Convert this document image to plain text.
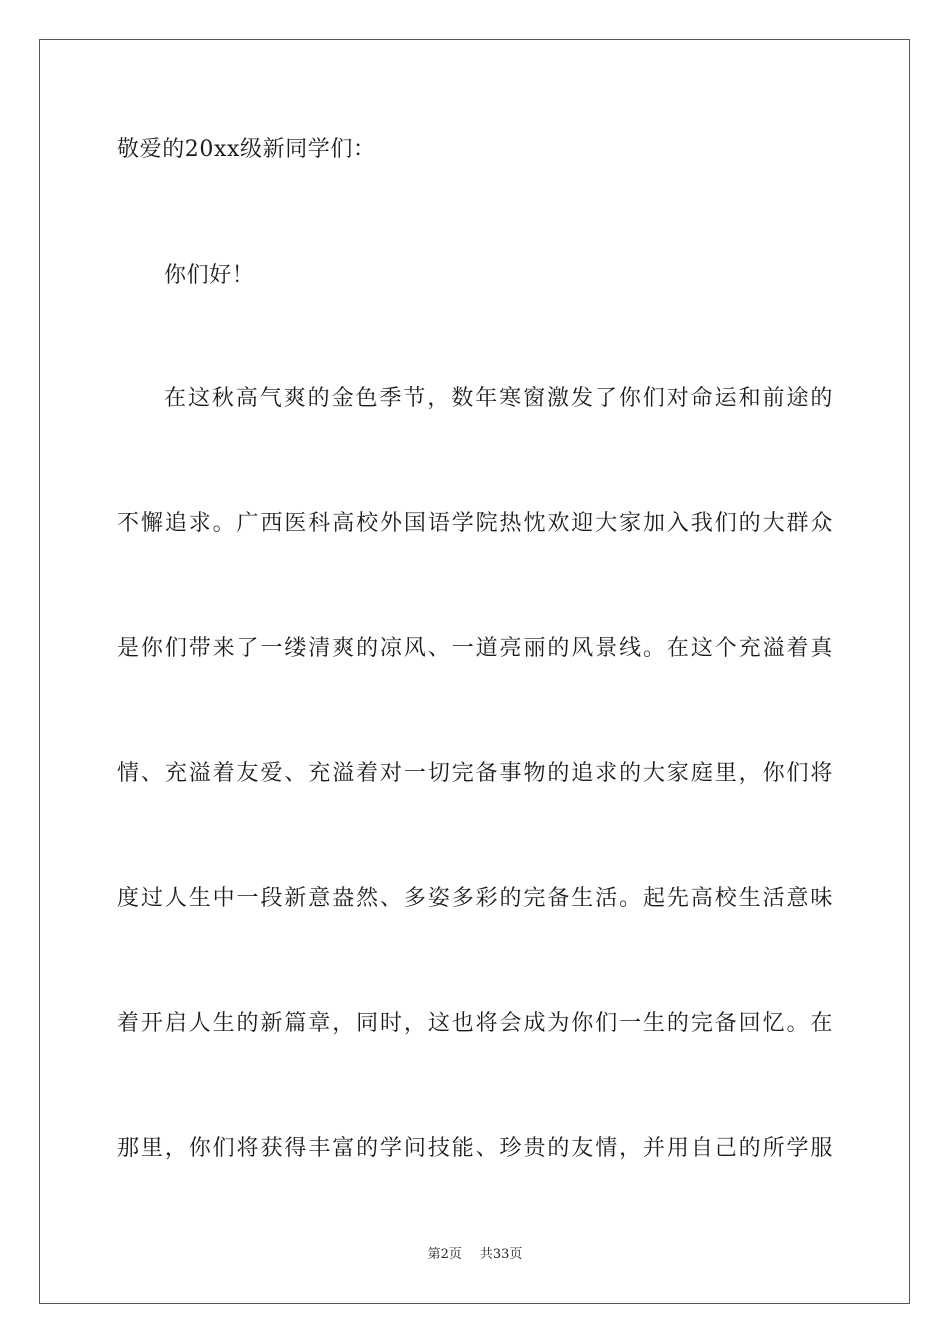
敬爱的20xx级新同学们：
你们好！
在这秋高气爽的金色季节，数年寒窗激发了你们对命运和前途的
不懈追求。广西医科高校外国语学院热忱欢迎大家加入我们的大群众
是你们带来了一缕清爽的凉风、一道亮丽的风景线。在这个充溢着真
情、充溢着友爱、充溢着对一切完备事物的追求的大家庭里，你们将
度过人生中一段新意盎然、多姿多彩的完备生活。起先高校生活意味
着开启人生的新篇章，同时，这也将会成为你们一生的完备回忆。在
那里，你们将获得丰富的学问技能、珍贵的友情，并用自己的所学服
第2页 共33页
